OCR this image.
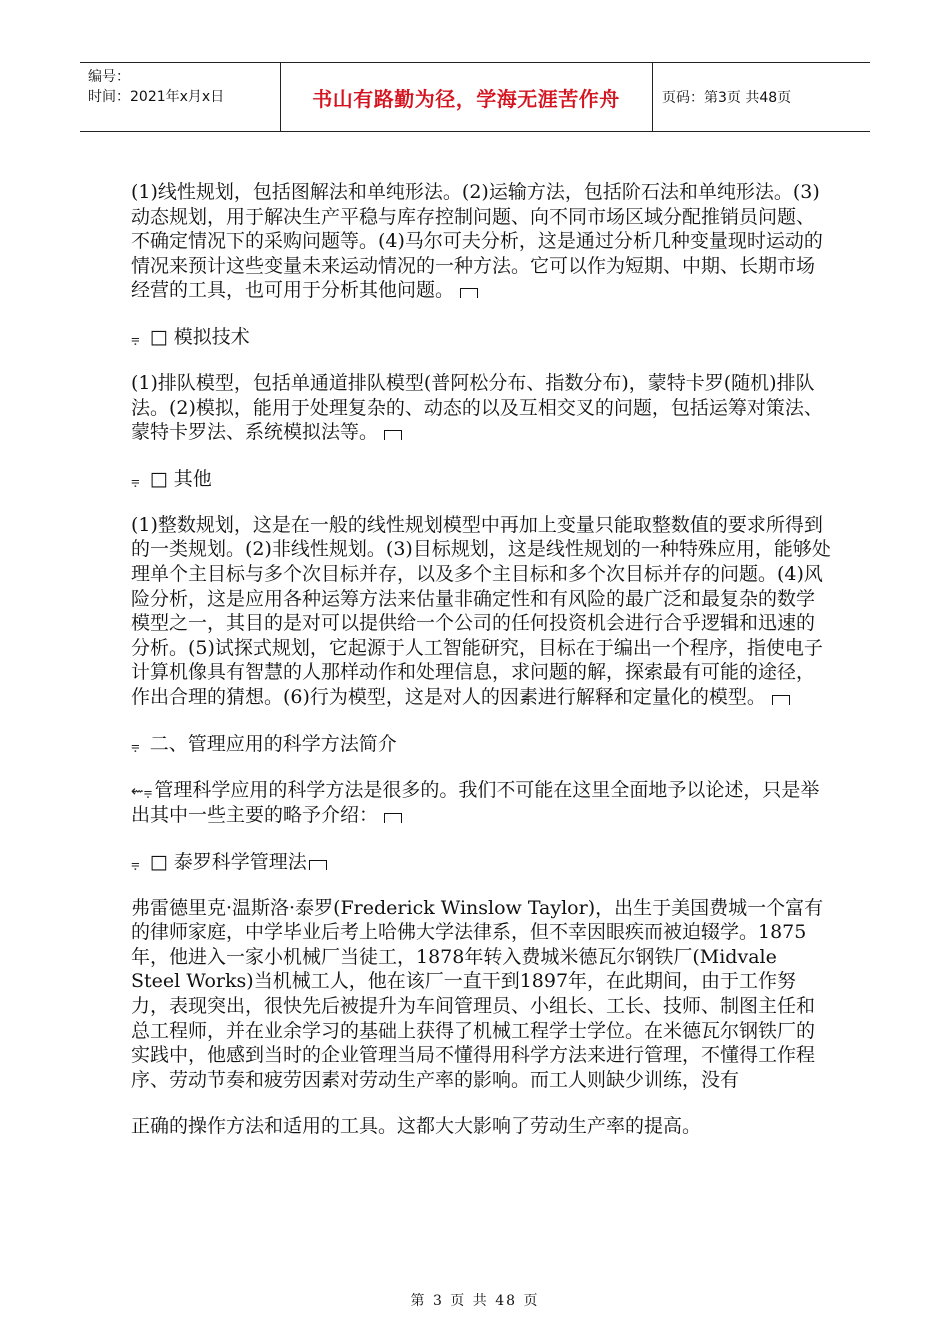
编号：
时间：2021年x月x日	书山有路勤为径，学海无涯苦作舟	页码：第3页 共48页

(1)线性规划，包括图解法和单纯形法。(2)运输方法，包括阶石法和单纯形法。(3)动态规划，用于解决生产平稳与库存控制问题、向不同市场区域分配推销员问题、不确定情况下的采购问题等。(4)马尔可夫分析，这是通过分析几种变量现时运动的情况来预计这些变量未来运动情况的一种方法。它可以作为短期、中期、长期市场经营的工具，也可用于分析其他问题。

⩦ □ 模拟技术

(1)排队模型，包括单通道排队模型(普阿松分布、指数分布)，蒙特卡罗(随机)排队法。(2)模拟，能用于处理复杂的、动态的以及互相交叉的问题，包括运筹对策法、蒙特卡罗法、系统模拟法等。

⩦ □ 其他

(1)整数规划，这是在一般的线性规划模型中再加上变量只能取整数值的要求所得到的一类规划。(2)非线性规划。(3)目标规划，这是线性规划的一种特殊应用，能够处理单个主目标与多个次目标并存，以及多个主目标和多个次目标并存的问题。(4)风险分析，这是应用各种运筹方法来估量非确定性和有风险的最广泛和最复杂的数学模型之一，其目的是对可以提供给一个公司的任何投资机会进行合乎逻辑和迅速的分析。(5)试探式规划，它起源于人工智能研究，目标在于编出一个程序，指使电子计算机像具有智慧的人那样动作和处理信息，求问题的解，探索最有可能的途径，作出合理的猜想。(6)行为模型，这是对人的因素进行解释和定量化的模型。

⩦ 二、管理应用的科学方法简介

⇜⩦ 管理科学应用的科学方法是很多的。我们不可能在这里全面地予以论述，只是举出其中一些主要的略予介绍：

⩦ □ 泰罗科学管理法

弗雷德里克·温斯洛·泰罗(Frederick Winslow Taylor)，出生于美国费城一个富有的律师家庭，中学毕业后考上哈佛大学法律系，但不幸因眼疾而被迫辍学。1875年，他进入一家小机械厂当徒工，1878年转入费城米德瓦尔钢铁厂(Midvale Steel Works)当机械工人，他在该厂一直干到1897年，在此期间，由于工作努力，表现突出，很快先后被提升为车间管理员、小组长、工长、技师、制图主任和总工程师，并在业余学习的基础上获得了机械工程学士学位。在米德瓦尔钢铁厂的实践中，他感到当时的企业管理当局不懂得用科学方法来进行管理，不懂得工作程序、劳动节奏和疲劳因素对劳动生产率的影响。而工人则缺少训练，没有

正确的操作方法和适用的工具。这都大大影响了劳动生产率的提高。

第 3 页 共 48 页
